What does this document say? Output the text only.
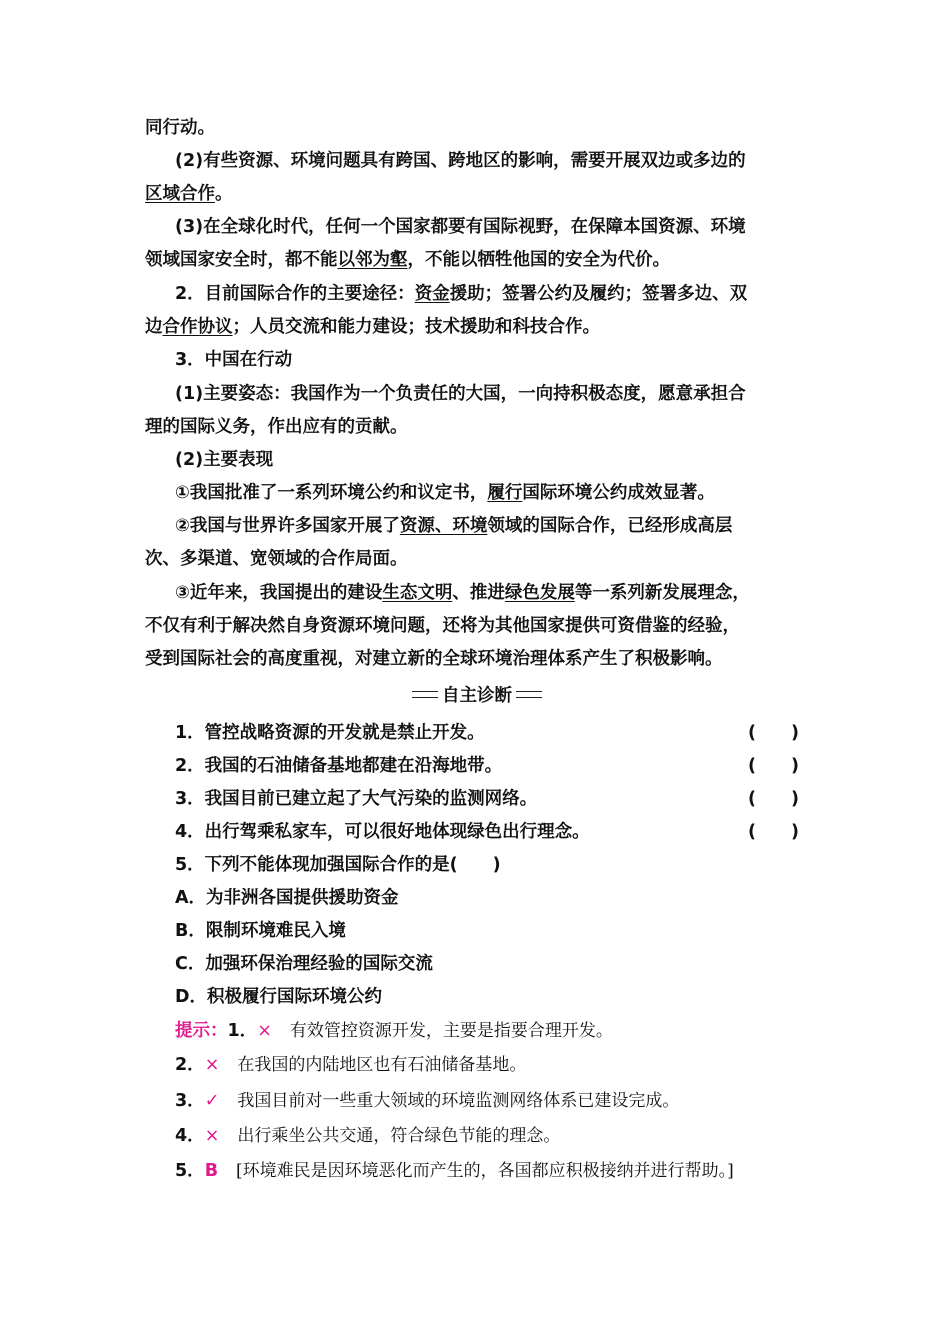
同行动。
(2)有些资源、环境问题具有跨国、跨地区的影响，需要开展双边或多边的
区域合作。
(3)在全球化时代，任何一个国家都要有国际视野，在保障本国资源、环境
领域国家安全时，都不能以邻为壑，不能以牺牲他国的安全为代价。
2．目前国际合作的主要途径：资金援助；签署公约及履约；签署多边、双
边合作协议；人员交流和能力建设；技术援助和科技合作。
3．中国在行动
(1)主要姿态：我国作为一个负责任的大国，一向持积极态度，愿意承担合
理的国际义务，作出应有的贡献。
(2)主要表现
①我国批准了一系列环境公约和议定书，履行国际环境公约成效显著。
②我国与世界许多国家开展了资源、环境领域的国际合作，已经形成高层
次、多渠道、宽领域的合作局面。
③近年来，我国提出的建设生态文明、推进绿色发展等一系列新发展理念，
不仅有利于解决然自身资源环境问题，还将为其他国家提供可资借鉴的经验，
受到国际社会的高度重视，对建立新的全球环境治理体系产生了积极影响。
自主诊断
1．管控战略资源的开发就是禁止开发。	(　　)
2．我国的石油储备基地都建在沿海地带。	(　　)
3．我国目前已建立起了大气污染的监测网络。	(　　)
4．出行驾乘私家车，可以很好地体现绿色出行理念。	(　　)
5．下列不能体现加强国际合作的是(　　)
A．为非洲各国提供援助资金
B．限制环境难民入境
C．加强环保治理经验的国际交流
D．积极履行国际环境公约
提示：1．× 有效管控资源开发，主要是指要合理开发。
2．× 在我国的内陆地区也有石油储备基地。
3．✓ 我国目前对一些重大领域的环境监测网络体系已建设完成。
4．× 出行乘坐公共交通，符合绿色节能的理念。
5．B [环境难民是因环境恶化而产生的，各国都应积极接纳并进行帮助。]
